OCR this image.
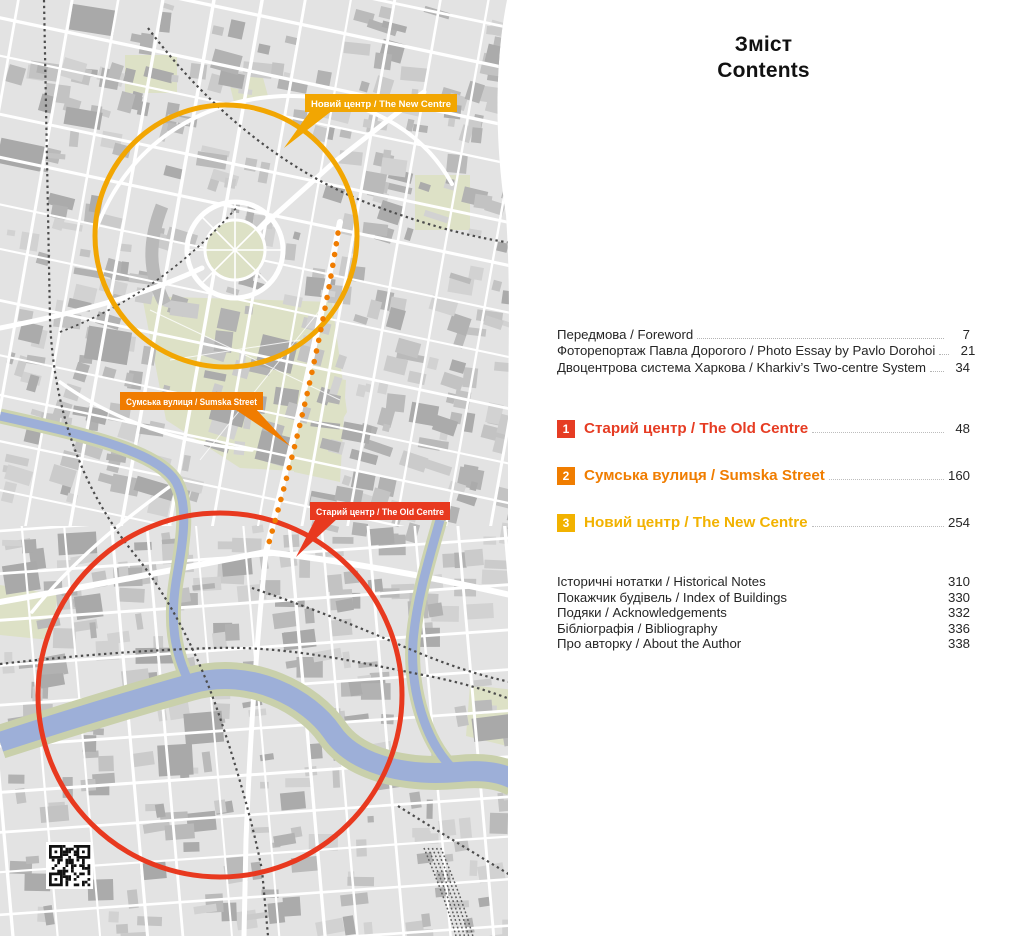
Новий центр / The New Centre
Сумська вулиця / Sumska Street
Старий центр / The Old Centre
Зміст
Contents
Передмова / Foreword	7
Фоторепортаж Павла Дорогого / Photo Essay by Pavlo Dorohoi	21
Двоцентрова система Харкова / Kharkiv’s Two-centre System	34
1 Старий центр / The Old Centre	48
2 Сумська вулиця / Sumska Street	160
3 Новий центр / The New Centre	254
Історичні нотатки / Historical Notes	310
Покажчик будівель / Index of Buildings	330
Подяки / Acknowledgements	332
Бібліографія / Bibliography	336
Про авторку / About the Author	338
